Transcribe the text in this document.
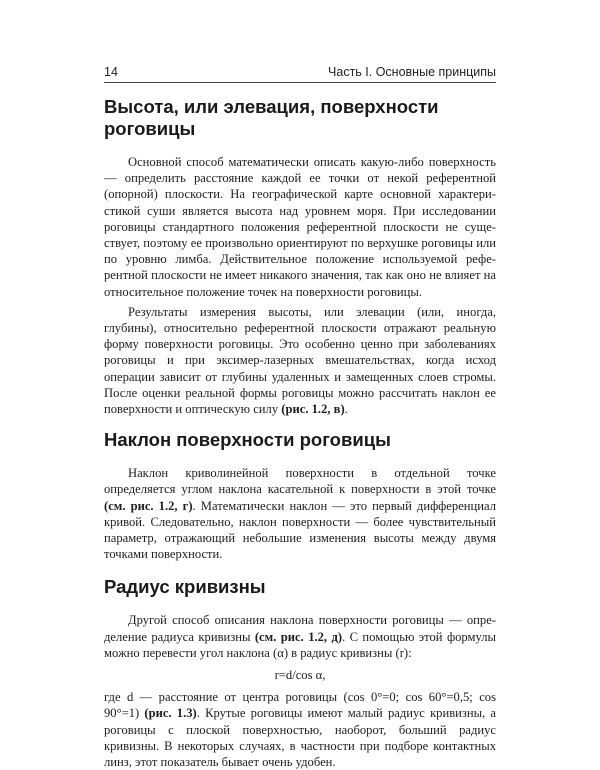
14	Часть I. Основные принципы
Высота, или элевация, поверхности роговицы

Основной способ математически описать какую-либо поверхность — определить расстояние каждой ее точки от некой референтной (опорной) плоскости. На географической карте основной характеристикой суши является высота над уровнем моря. При исследовании роговицы стандартного положения референтной плоскости не существует, поэтому ее произвольно ориентируют по верхушке роговицы или по уровню лимба. Действительное положение используемой референтной плоскости не имеет никакого значения, так как оно не влияет на относительное положение точек на поверхности роговицы.

Результаты измерения высоты, или элевации (или, иногда, глубины), относительно референтной плоскости отражают реальную форму поверхности роговицы. Это особенно ценно при заболеваниях роговицы и при эксимер-лазерных вмешательствах, когда исход операции зависит от глубины удаленных и замещенных слоев стромы. После оценки реальной формы роговицы можно рассчитать наклон ее поверхности и оптическую силу (рис. 1.2, в).

Наклон поверхности роговицы

Наклон криволинейной поверхности в отдельной точке определяется углом наклона касательной к поверхности в этой точке (см. рис. 1.2, г). Математически наклон — это первый дифференциал кривой. Следовательно, наклон поверхности — более чувствительный параметр, отражающий небольшие изменения высоты между двумя точками поверхности.

Радиус кривизны

Другой способ описания наклона поверхности роговицы — определение радиуса кривизны (см. рис. 1.2, д). С помощью этой формулы можно перевести угол наклона (α) в радиус кривизны (r):

r=d/cos α,

где d — расстояние от центра роговицы (cos 0°=0; cos 60°=0,5; cos 90°=1) (рис. 1.3). Крутые роговицы имеют малый радиус кривизны, а роговицы с плоской поверхностью, наоборот, больший радиус кривизны. В некоторых случаях, в частности при подборе контактных линз, этот показатель бывает очень удобен.
